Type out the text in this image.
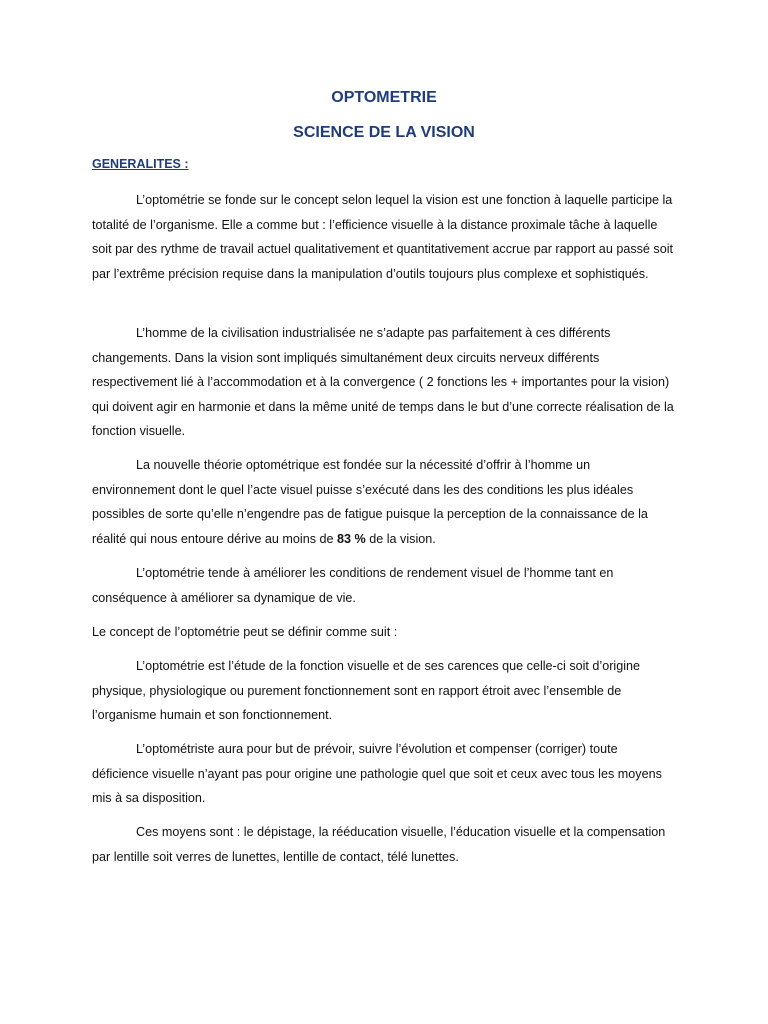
OPTOMETRIE
SCIENCE DE LA VISION
GENERALITES :

L’optométrie se fonde sur le concept selon lequel la vision est une fonction à laquelle participe la totalité de l’organisme. Elle a comme but : l’efficience visuelle à la distance proximale tâche à laquelle soit par des rythme de travail actuel qualitativement et quantitativement accrue par rapport au passé soit par l’extrême précision requise dans la manipulation d’outils toujours plus complexe et sophistiqués.

L’homme de la civilisation industrialisée ne s’adapte pas parfaitement à ces différents changements. Dans la vision sont impliqués simultanément deux circuits nerveux différents respectivement lié à l’accommodation et à la convergence ( 2 fonctions les + importantes pour la vision) qui doivent agir en harmonie et dans la même unité de temps dans le but d’une correcte réalisation de la fonction visuelle.

La nouvelle théorie optométrique est fondée sur la nécessité d’offrir à l’homme un environnement dont le quel l’acte visuel puisse s’exécuté dans les des conditions les plus idéales possibles de sorte qu’elle n’engendre pas de fatigue puisque la perception de la connaissance de la réalité qui nous entoure dérive au moins de 83 % de la vision.

L’optométrie tende à améliorer les conditions de rendement visuel de l’homme tant en conséquence à améliorer sa dynamique de vie.

Le concept de l’optométrie peut se définir comme suit :

L’optométrie est l’étude de la fonction visuelle et de ses carences que celle-ci soit d’origine physique, physiologique ou purement fonctionnement sont en rapport étroit avec l’ensemble de l’organisme humain et son fonctionnement.

L’optométriste aura pour but de prévoir, suivre l’évolution et compenser (corriger) toute déficience visuelle n’ayant pas pour origine une pathologie quel que soit et ceux avec tous les moyens mis à sa disposition.

Ces moyens sont : le dépistage, la rééducation visuelle, l’éducation visuelle et la compensation par lentille soit verres de lunettes, lentille de contact, télé lunettes.
